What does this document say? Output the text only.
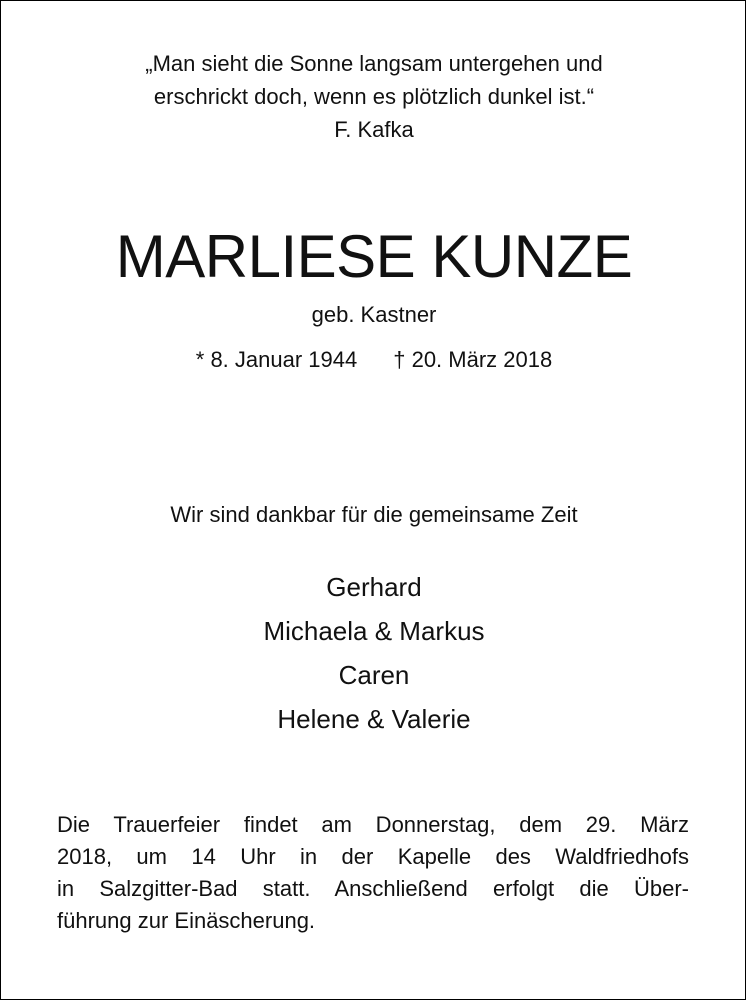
„Man sieht die Sonne langsam untergehen und
erschrickt doch, wenn es plötzlich dunkel ist.“
F. Kafka
MARLIESE KUNZE
geb. Kastner
* 8. Januar 1944 † 20. März 2018
Wir sind dankbar für die gemeinsame Zeit
Gerhard
Michaela & Markus
Caren
Helene & Valerie
Die Trauerfeier findet am Donnerstag, dem 29. März
2018, um 14 Uhr in der Kapelle des Waldfriedhofs
in Salzgitter-Bad statt. Anschließend erfolgt die Über-
führung zur Einäscherung.
